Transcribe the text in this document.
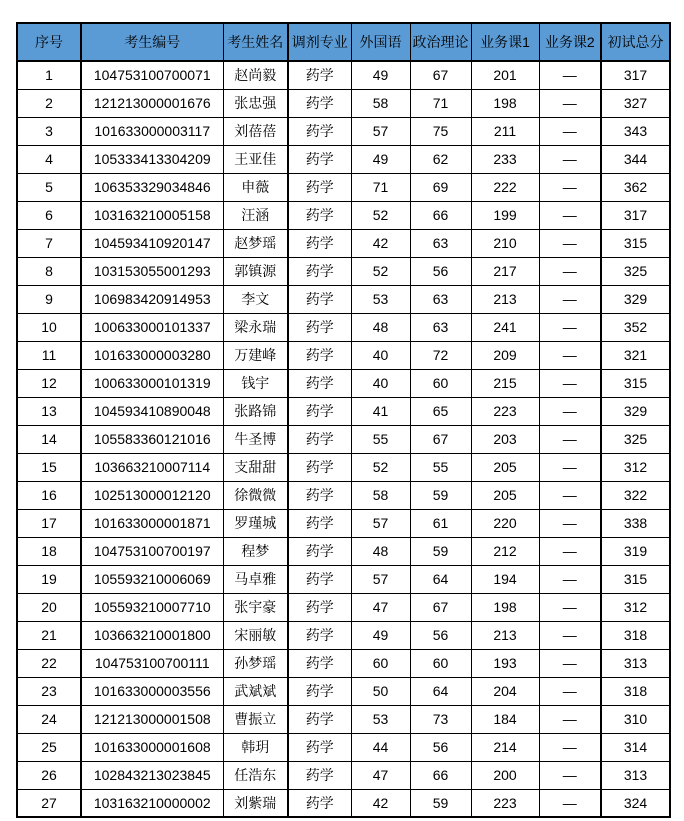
序号	考生编号	考生姓名	调剂专业	外国语	政治理论	业务课1	业务课2	初试总分
1	104753100700071	赵尚毅	药学	49	67	201	—	317
2	121213000001676	张忠强	药学	58	71	198	—	327
3	101633000003117	刘蓓蓓	药学	57	75	211	—	343
4	105333413304209	王亚佳	药学	49	62	233	—	344
5	106353329034846	申薇	药学	71	69	222	—	362
6	103163210005158	汪涵	药学	52	66	199	—	317
7	104593410920147	赵梦瑶	药学	42	63	210	—	315
8	103153055001293	郭镇源	药学	52	56	217	—	325
9	106983420914953	李文	药学	53	63	213	—	329
10	100633000101337	梁永瑞	药学	48	63	241	—	352
11	101633000003280	万建峰	药学	40	72	209	—	321
12	100633000101319	钱宇	药学	40	60	215	—	315
13	104593410890048	张路锦	药学	41	65	223	—	329
14	105583360121016	牛圣博	药学	55	67	203	—	325
15	103663210007114	支甜甜	药学	52	55	205	—	312
16	102513000012120	徐微微	药学	58	59	205	—	322
17	101633000001871	罗瑾城	药学	57	61	220	—	338
18	104753100700197	程梦	药学	48	59	212	—	319
19	105593210006069	马卓雅	药学	57	64	194	—	315
20	105593210007710	张宇豪	药学	47	67	198	—	312
21	103663210001800	宋丽敏	药学	49	56	213	—	318
22	104753100700111	孙梦瑶	药学	60	60	193	—	313
23	101633000003556	武斌斌	药学	50	64	204	—	318
24	121213000001508	曹振立	药学	53	73	184	—	310
25	101633000001608	韩玥	药学	44	56	214	—	314
26	102843213023845	任浩东	药学	47	66	200	—	313
27	103163210000002	刘紫瑞	药学	42	59	223	—	324
